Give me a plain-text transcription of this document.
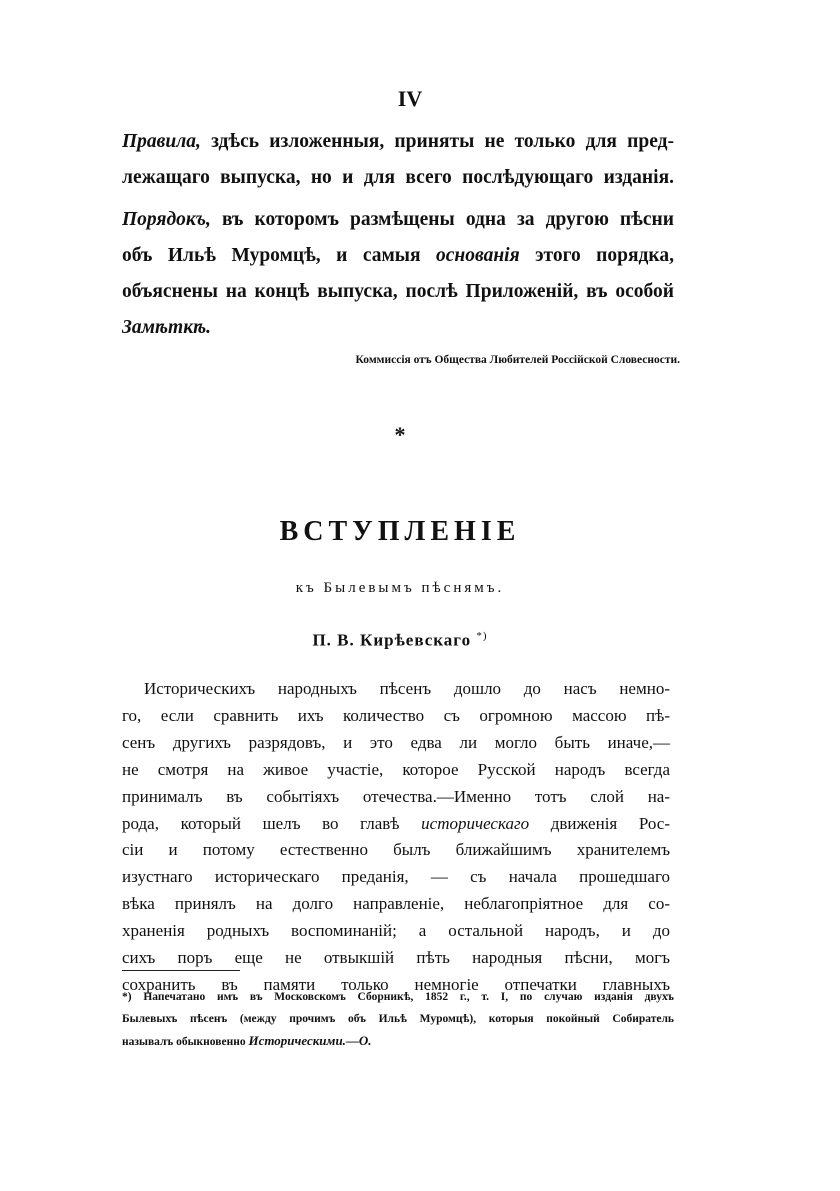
IV
Правила, здѣсь изложенныя, приняты не только для пред-
лежащаго выпуска, но и для всего послѣдующаго изданія.
Порядокъ, въ которомъ размѣщены одна за другою пѣсни
объ Ильѣ Муромцѣ, и самыя основанія этого порядка,
объяснены на концѣ выпуска, послѣ Приложеній, въ особой
Замѣткѣ.
Коммиссія отъ Общества Любителей Россійской Словесности.
*
ВСТУПЛЕНІЕ
къ Былевымъ пѣснямъ.
П. В. Кирѣевскаго *)
Историческихъ народныхъ пѣсенъ дошло до насъ немно-
го, если сравнить ихъ количество съ огромною массою пѣ-
сенъ другихъ разрядовъ, и это едва ли могло быть иначе,—
не смотря на живое участіе, которое Русской народъ всегда
принималъ въ событіяхъ отечества.—Именно тотъ слой на-
рода, который шелъ во главѣ историческаго движенія Рос-
сіи и потому естественно былъ ближайшимъ хранителемъ
изустнаго историческаго преданія, — съ начала прошедшаго
вѣка принялъ на долго направленіе, неблагопріятное для со-
храненія родныхъ воспоминаній; а остальной народъ, и до
сихъ поръ еще не отвыкшій пѣть народныя пѣсни, могъ
сохранить въ памяти только немногіе отпечатки главныхъ
*) Напечатано имъ въ Московскомъ Сборникѣ, 1852 г., т. I, по случаю изданія двухъ
Былевыхъ пѣсенъ (между прочимъ объ Ильѣ Муромцѣ), которыя покойный Собиратель
называлъ обыкновенно Историческими.—О.
